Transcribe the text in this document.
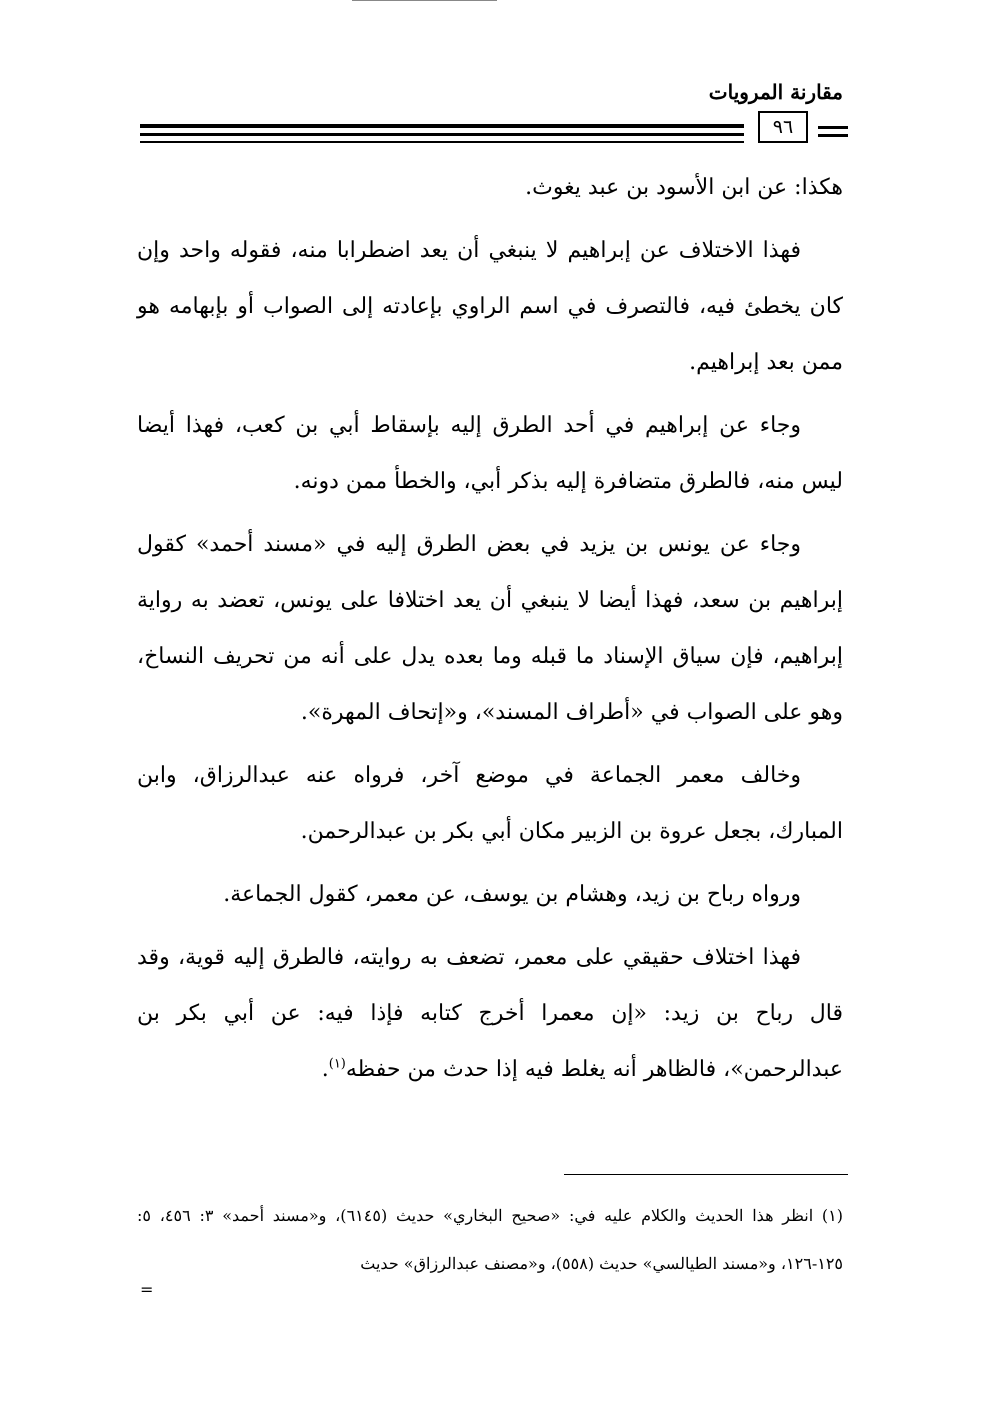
مقارنة المرويات
٩٦

هكذا: عن ابن الأسود بن عبد يغوث.

فهذا الاختلاف عن إبراهيم لا ينبغي أن يعد اضطرابا منه، فقوله واحد وإن كان يخطئ فيه، فالتصرف في اسم الراوي بإعادته إلى الصواب أو بإبهامه هو ممن بعد إبراهيم.

وجاء عن إبراهيم في أحد الطرق إليه بإسقاط أبي بن كعب، فهذا أيضا ليس منه، فالطرق متضافرة إليه بذكر أبي، والخطأ ممن دونه.

وجاء عن يونس بن يزيد في بعض الطرق إليه في «مسند أحمد» كقول إبراهيم بن سعد، فهذا أيضا لا ينبغي أن يعد اختلافا على يونس، تعضد به رواية إبراهيم، فإن سياق الإسناد ما قبله وما بعده يدل على أنه من تحريف النساخ، وهو على الصواب في «أطراف المسند»، و«إتحاف المهرة».

وخالف معمر الجماعة في موضع آخر، فرواه عنه عبدالرزاق، وابن المبارك، بجعل عروة بن الزبير مكان أبي بكر بن عبدالرحمن.

ورواه رباح بن زيد، وهشام بن يوسف، عن معمر، كقول الجماعة.

فهذا اختلاف حقيقي على معمر، تضعف به روايته، فالطرق إليه قوية، وقد قال رباح بن زيد: «إن معمرا أخرج كتابه فإذا فيه: عن أبي بكر بن عبدالرحمن»، فالظاهر أنه يغلط فيه إذا حدث من حفظه$^{(١)}$.

(١) انظر هذا الحديث والكلام عليه في: «صحيح البخاري» حديث (٦١٤٥)، و«مسند أحمد» ٣: ٤٥٦، ٥: ١٢٥-١٢٦، و«مسند الطيالسي» حديث (٥٥٨)، و«مصنف عبدالرزاق» حديث

=
